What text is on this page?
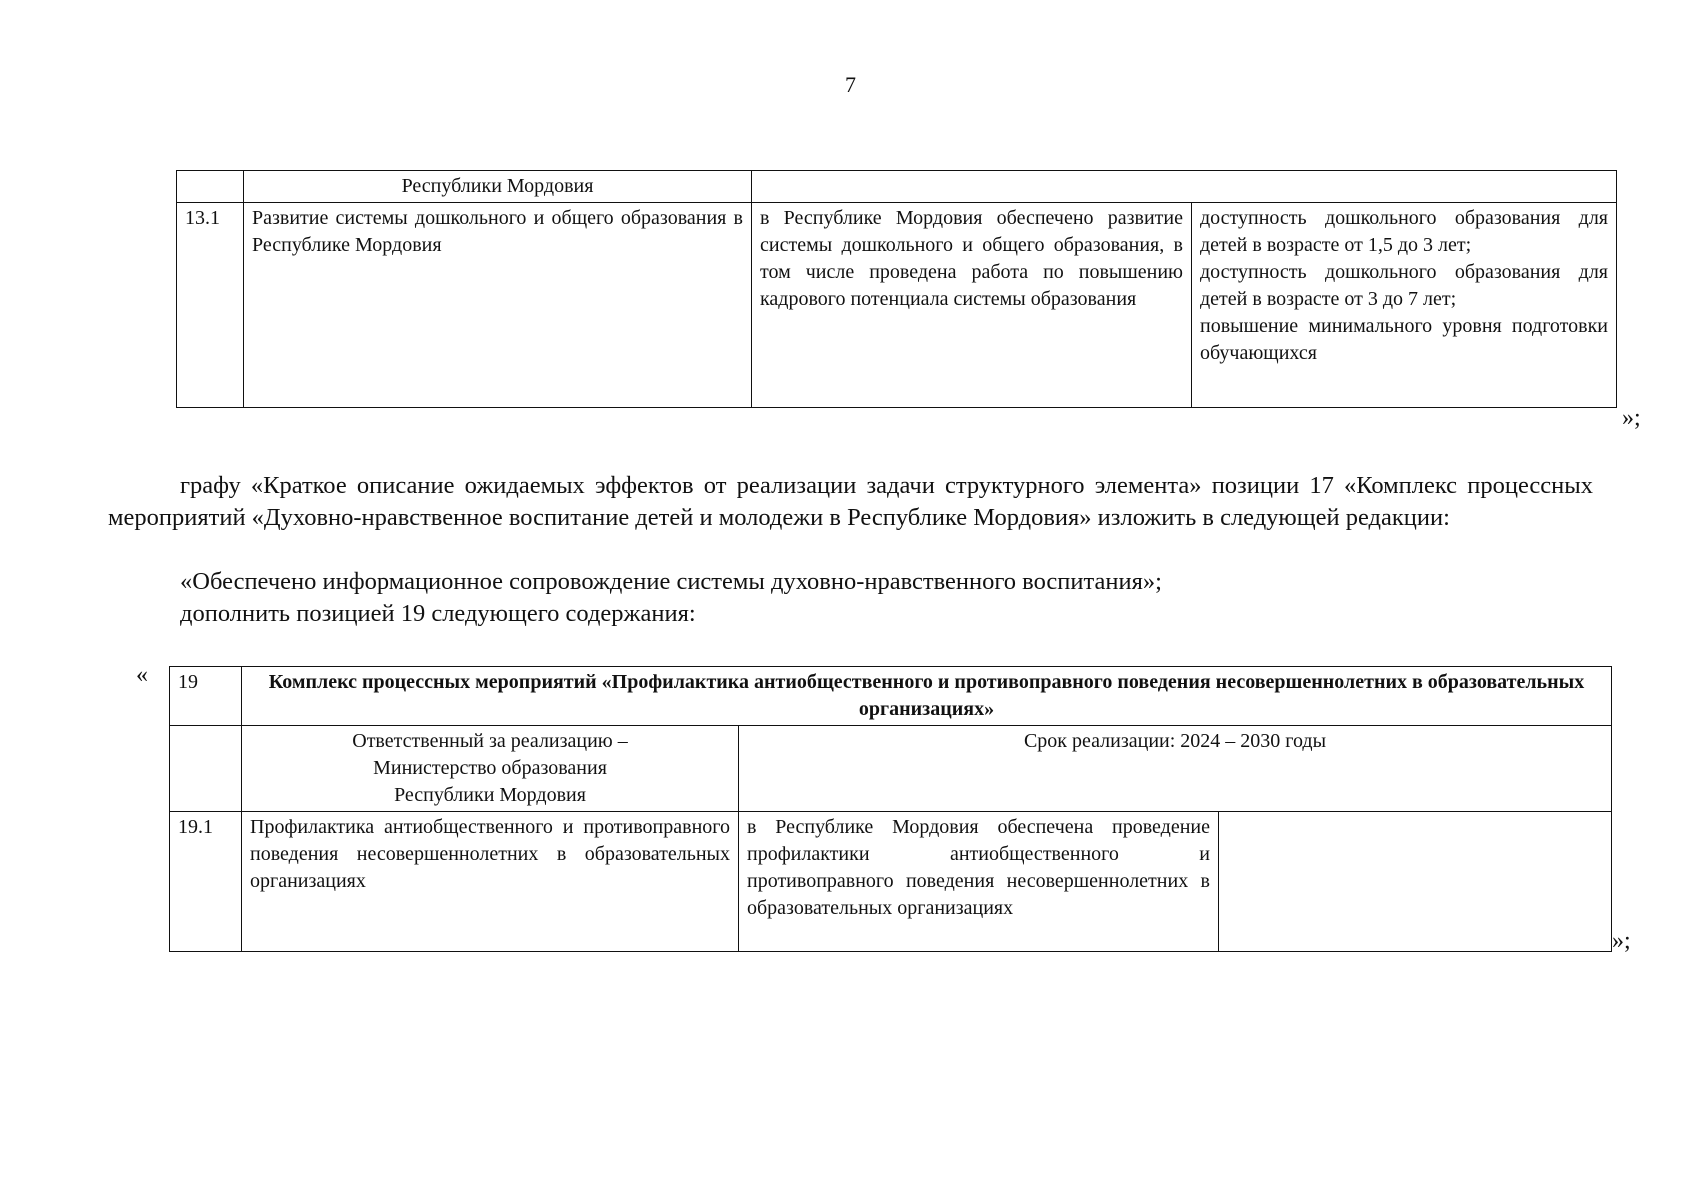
7
	Республики Мордовия		
13.1	Развитие системы дошкольного и общего образования в Республике Мордовия	в Республике Мордовия обеспечено развитие системы дошкольного и общего образования, в том числе проведена работа по повышению кадрового потенциала системы образования	доступность дошкольного образования для детей в возрасте от 1,5 до 3 лет;
доступность дошкольного образования для детей в возрасте от 3 до 7 лет;
повышение минимального уровня подготовки обучающихся
»;
графу «Краткое описание ожидаемых эффектов от реализации задачи структурного элемента» позиции 17 «Комплекс процессных мероприятий «Духовно-нравственное воспитание детей и молодежи в Республике Мордовия» изложить в следующей редакции:
«Обеспечено информационное сопровождение системы духовно-нравственного воспитания»;
дополнить позицией 19 следующего содержания:
« 19	Комплекс процессных мероприятий «Профилактика антиобщественного и противоправного поведения несовершеннолетних в образовательных организациях»		

	Ответственный за реализацию –
Министерство образования
Республики Мордовия	Срок реализации: 2024 – 2030 годы	
19.1	Профилактика антиобщественного и противоправного поведения несовершеннолетних в образовательных организациях	в Республике Мордовия обеспечена проведение профилактики антиобщественного и противоправного поведения несовершеннолетних в образовательных организациях	
»;
